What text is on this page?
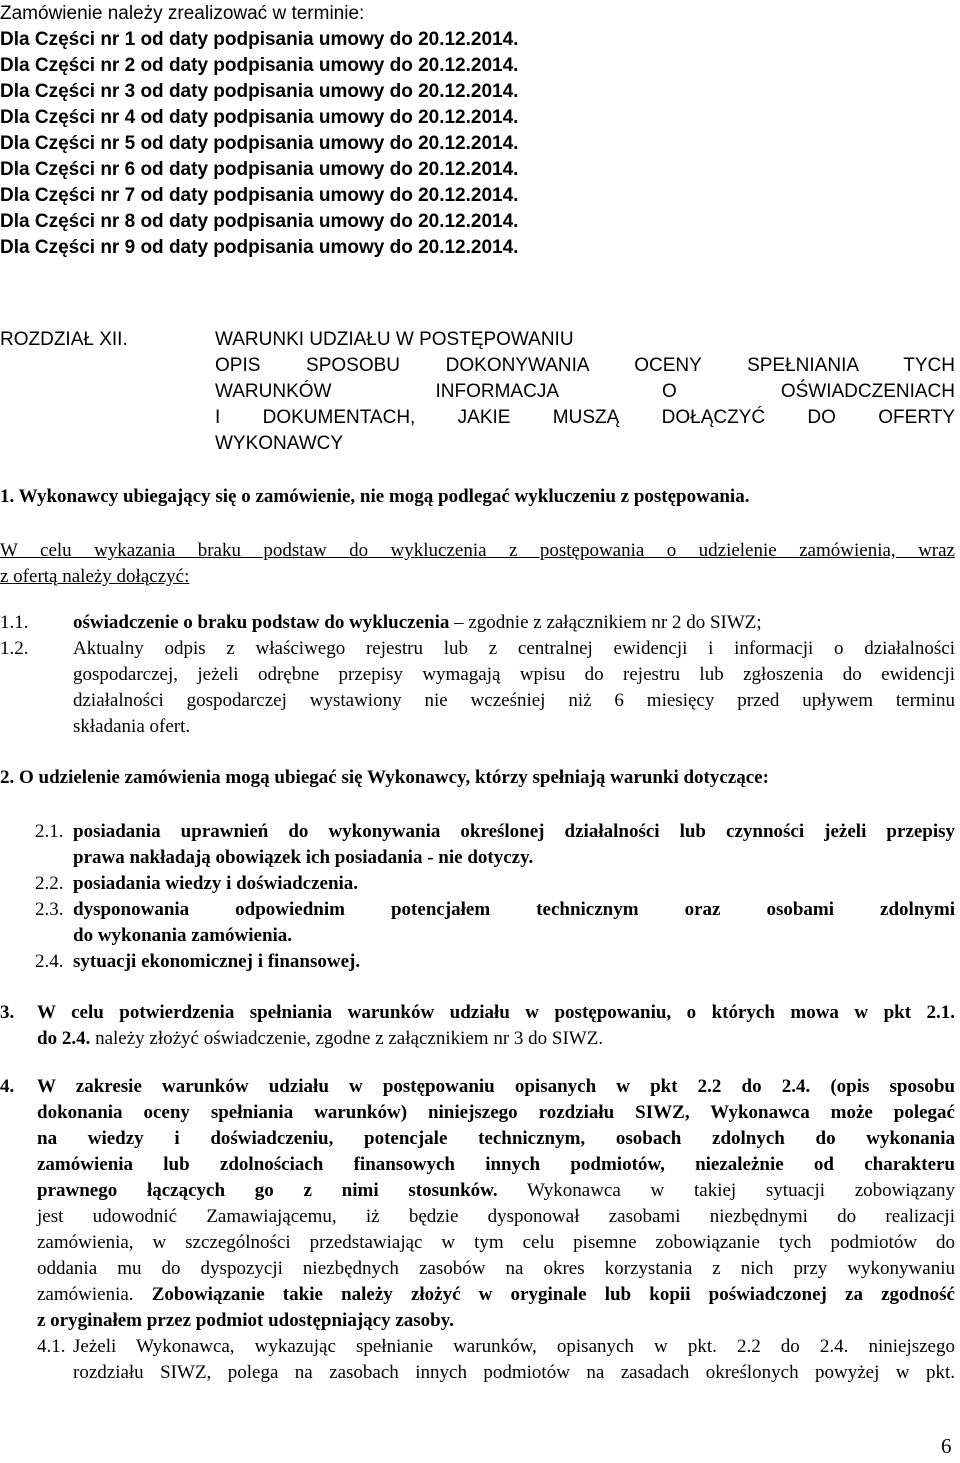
Zamówienie należy zrealizować w terminie:
Dla Części nr 1 od daty podpisania umowy do 20.12.2014.
Dla Części nr 2 od daty podpisania umowy do 20.12.2014.
Dla Części nr 3 od daty podpisania umowy do 20.12.2014.
Dla Części nr 4 od daty podpisania umowy do 20.12.2014.
Dla Części nr 5 od daty podpisania umowy do 20.12.2014.
Dla Części nr 6 od daty podpisania umowy do 20.12.2014.
Dla Części nr 7 od daty podpisania umowy do 20.12.2014.
Dla Części nr 8 od daty podpisania umowy do 20.12.2014.
Dla Części nr 9 od daty podpisania umowy do 20.12.2014.
ROZDZIAŁ XII.	WARUNKI UDZIAŁU W POSTĘPOWANIU
OPIS SPOSOBU DOKONYWANIA OCENY SPEŁNIANIA TYCH
WARUNKÓW INFORMACJA O OŚWIADCZENIACH
I DOKUMENTACH, JAKIE MUSZĄ DOŁĄCZYĆ DO OFERTY
WYKONAWCY
1. Wykonawcy ubiegający się o zamówienie, nie mogą podlegać wykluczeniu z postępowania.
W celu wykazania braku podstaw do wykluczenia z postępowania o udzielenie zamówienia, wraz
z ofertą należy dołączyć:
1.1. oświadczenie o braku podstaw do wykluczenia – zgodnie z załącznikiem nr 2 do SIWZ;
1.2. Aktualny odpis z właściwego rejestru lub z centralnej ewidencji i informacji o działalności
gospodarczej, jeżeli odrębne przepisy wymagają wpisu do rejestru lub zgłoszenia do ewidencji
działalności gospodarczej wystawiony nie wcześniej niż 6 miesięcy przed upływem terminu
składania ofert.
2. O udzielenie zamówienia mogą ubiegać się Wykonawcy, którzy spełniają warunki dotyczące:
2.1. posiadania uprawnień do wykonywania określonej działalności lub czynności jeżeli przepisy
prawa nakładają obowiązek ich posiadania - nie dotyczy.
2.2. posiadania wiedzy i doświadczenia.
2.3. dysponowania odpowiednim potencjałem technicznym oraz osobami zdolnymi
do wykonania zamówienia.
2.4. sytuacji ekonomicznej i finansowej.
3. W celu potwierdzenia spełniania warunków udziału w postępowaniu, o których mowa w pkt 2.1.
do 2.4. należy złożyć oświadczenie, zgodne z załącznikiem nr 3 do SIWZ.
4. W zakresie warunków udziału w postępowaniu opisanych w pkt 2.2 do 2.4. (opis sposobu
dokonania oceny spełniania warunków) niniejszego rozdziału SIWZ, Wykonawca może polegać
na wiedzy i doświadczeniu, potencjale technicznym, osobach zdolnych do wykonania
zamówienia lub zdolnościach finansowych innych podmiotów, niezależnie od charakteru
prawnego łączących go z nimi stosunków. Wykonawca w takiej sytuacji zobowiązany
jest udowodnić Zamawiającemu, iż będzie dysponował zasobami niezbędnymi do realizacji
zamówienia, w szczególności przedstawiając w tym celu pisemne zobowiązanie tych podmiotów do
oddania mu do dyspozycji niezbędnych zasobów na okres korzystania z nich przy wykonywaniu
zamówienia. Zobowiązanie takie należy złożyć w oryginale lub kopii poświadczonej za zgodność
z oryginałem przez podmiot udostępniający zasoby.
4.1. Jeżeli Wykonawca, wykazując spełnianie warunków, opisanych w pkt. 2.2 do 2.4. niniejszego
rozdziału SIWZ, polega na zasobach innych podmiotów na zasadach określonych powyżej w pkt.
6
